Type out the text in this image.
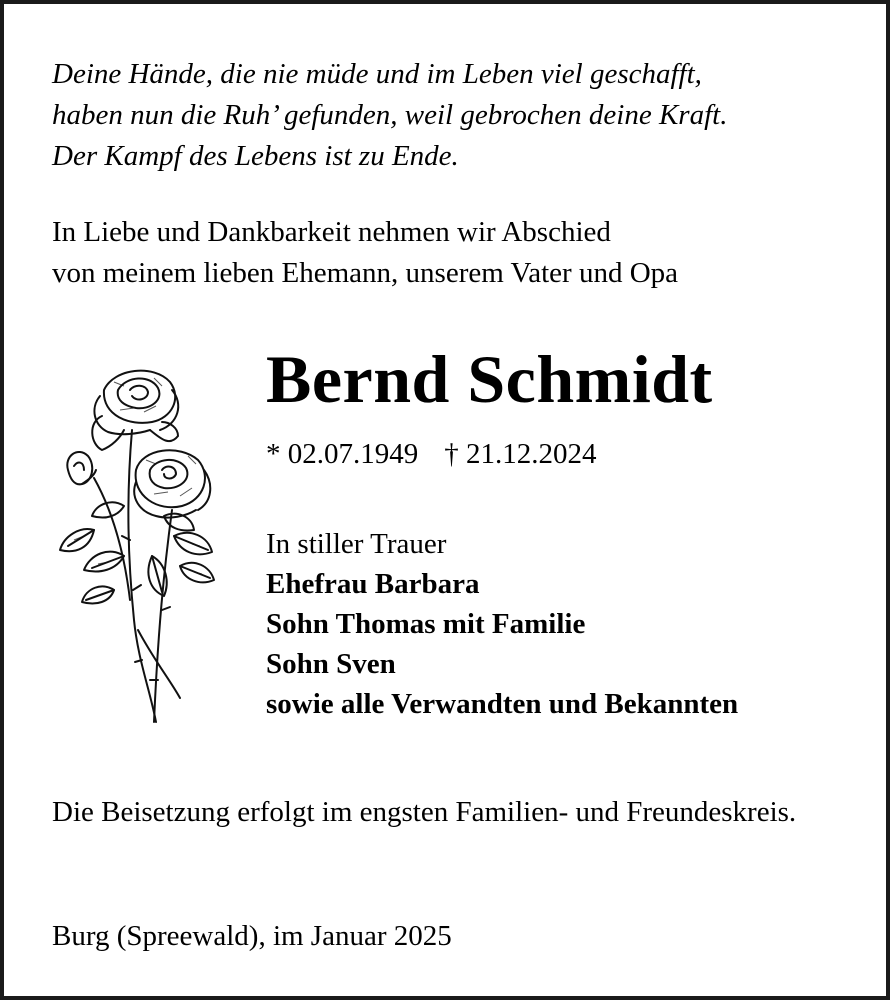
Deine Hände, die nie müde und im Leben viel geschafft,
haben nun die Ruh’ gefunden, weil gebrochen deine Kraft.
Der Kampf des Lebens ist zu Ende.
In Liebe und Dankbarkeit nehmen wir Abschied
von meinem lieben Ehemann, unserem Vater und Opa
Bernd Schmidt
* 02.07.1949 † 21.12.2024
In stiller Trauer
Ehefrau Barbara
Sohn Thomas mit Familie
Sohn Sven
sowie alle Verwandten und Bekannten
Die Beisetzung erfolgt im engsten Familien- und Freundeskreis.
Burg (Spreewald), im Januar 2025
